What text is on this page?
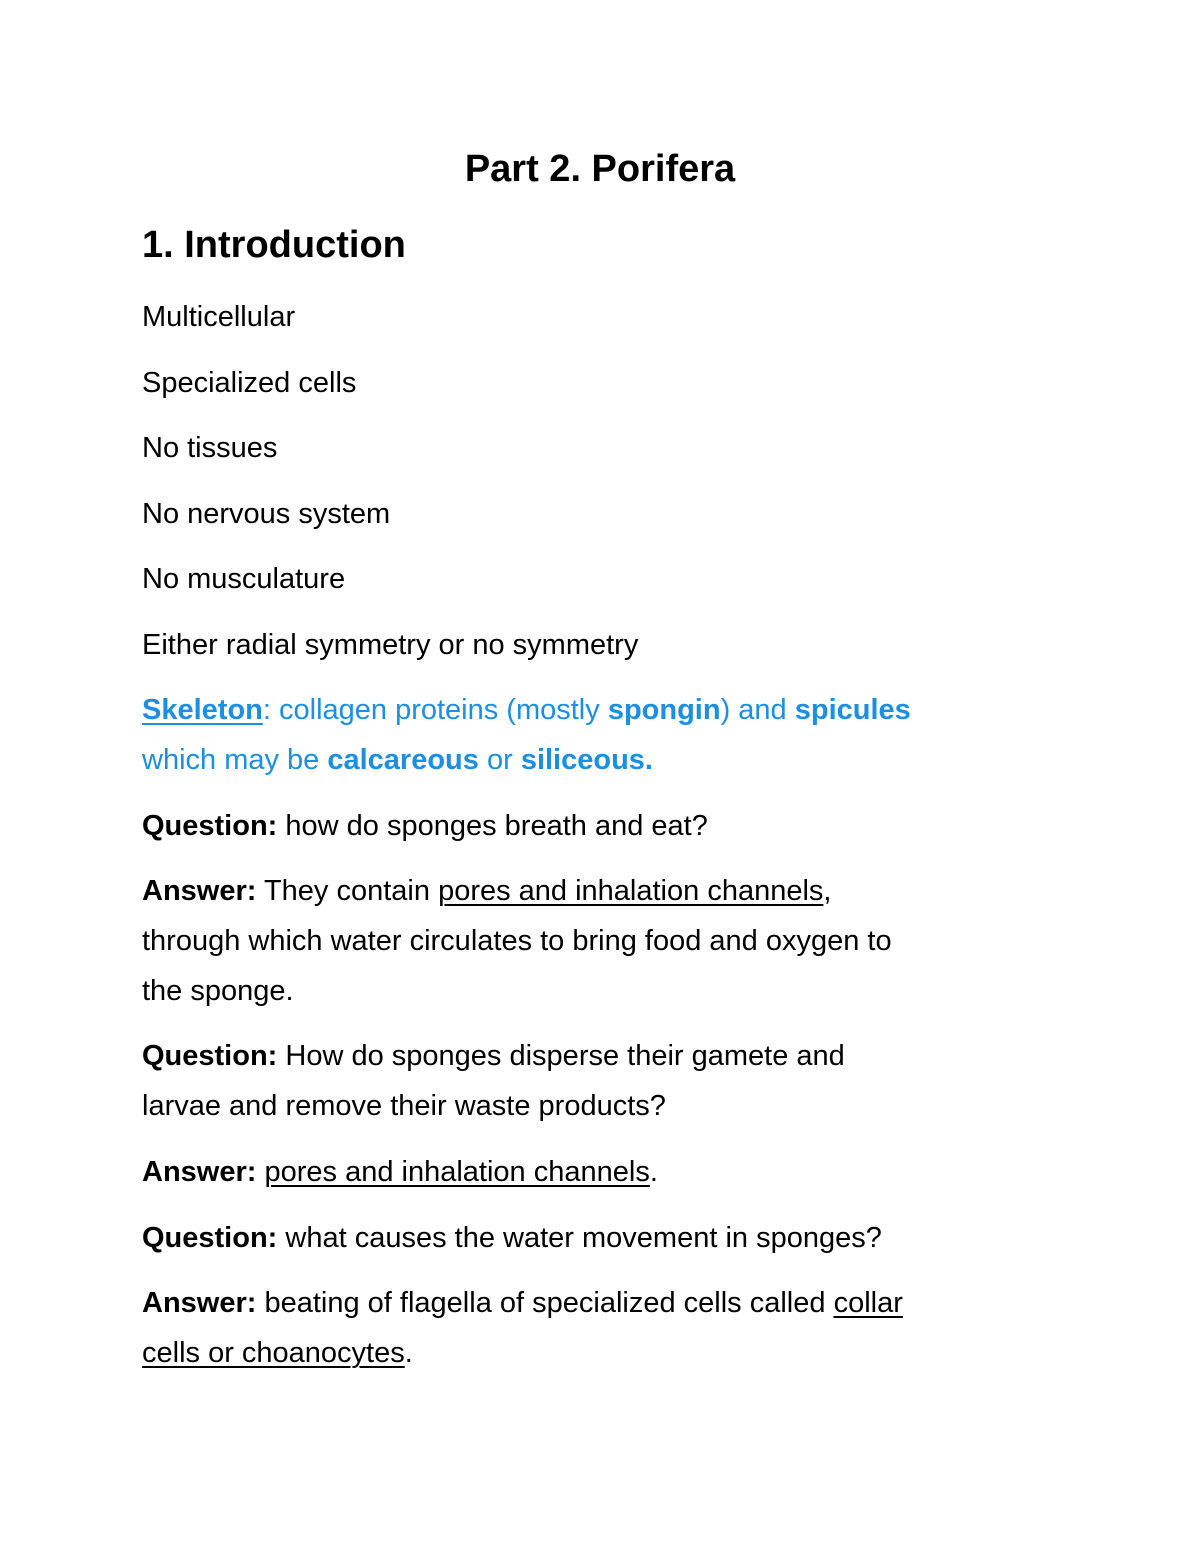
Part 2. Porifera
1. Introduction

Multicellular

Specialized cells

No tissues

No nervous system

No musculature

Either radial symmetry or no symmetry

Skeleton: collagen proteins (mostly spongin) and spicules
which may be calcareous or siliceous.

Question: how do sponges breath and eat?

Answer: They contain pores and inhalation channels,
through which water circulates to bring food and oxygen to
the sponge.
Question: How do sponges disperse their gamete and
larvae and remove their waste products?

Answer: pores and inhalation channels.

Question: what causes the water movement in sponges?

Answer: beating of flagella of specialized cells called collar
cells or choanocytes.
